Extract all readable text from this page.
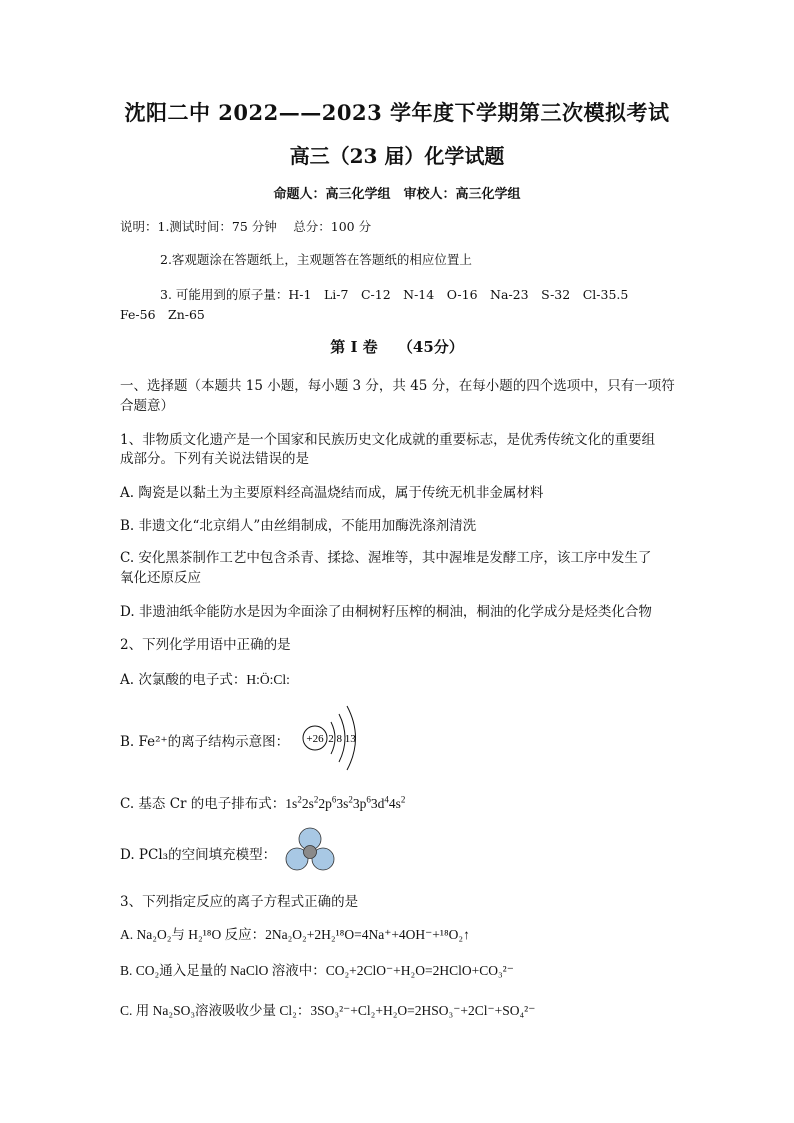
沈阳二中 2022——2023 学年度下学期第三次模拟考试
高三（23 届）化学试题
命题人：高三化学组　审校人：高三化学组
说明：1.测试时间：75 分钟　 总分：100 分
2.客观题涂在答题纸上，主观题答在答题纸的相应位置上
3. 可能用到的原子量：H-1　Li-7　C-12　N-14　O-16　Na-23　S-32　Cl-35.5
Fe-56　Zn-65
第 I 卷　 （45分）
一、选择题（本题共 15 小题，每小题 3 分，共 45 分，在每小题的四个选项中，只有一项符
合题意）
1、非物质文化遗产是一个国家和民族历史文化成就的重要标志，是优秀传统文化的重要组
成部分。下列有关说法错误的是
A. 陶瓷是以黏土为主要原料经高温烧结而成，属于传统无机非金属材料
B. 非遗文化“北京绢人”由丝绢制成，不能用加酶洗涤剂清洗
C. 安化黑茶制作工艺中包含杀青、揉捻、渥堆等，其中渥堆是发酵工序，该工序中发生了
氧化还原反应
D. 非遗油纸伞能防水是因为伞面涂了由桐树籽压榨的桐油，桐油的化学成分是烃类化合物
2、下列化学用语中正确的是
A. 次氯酸的电子式：H:Ö:Cl:
B. Fe²⁺的离子结构示意图： +26 2 8 13
C. 基态 Cr 的电子排布式：$1s^22s^22p^63s^23p^63d^44s^2$
D. PCl₃的空间填充模型：
3、下列指定反应的离子方程式正确的是
A. Na₂O₂与 H₂¹⁸O 反应：2Na₂O₂+2H₂¹⁸O=4Na⁺+4OH⁻+¹⁸O₂↑
B. CO₂通入足量的 NaClO 溶液中：CO₂+2ClO⁻+H₂O=2HClO+CO₃²⁻
C. 用 Na₂SO₃溶液吸收少量 Cl₂：3SO₃²⁻+Cl₂+H₂O=2HSO₃⁻+2Cl⁻+SO₄²⁻
